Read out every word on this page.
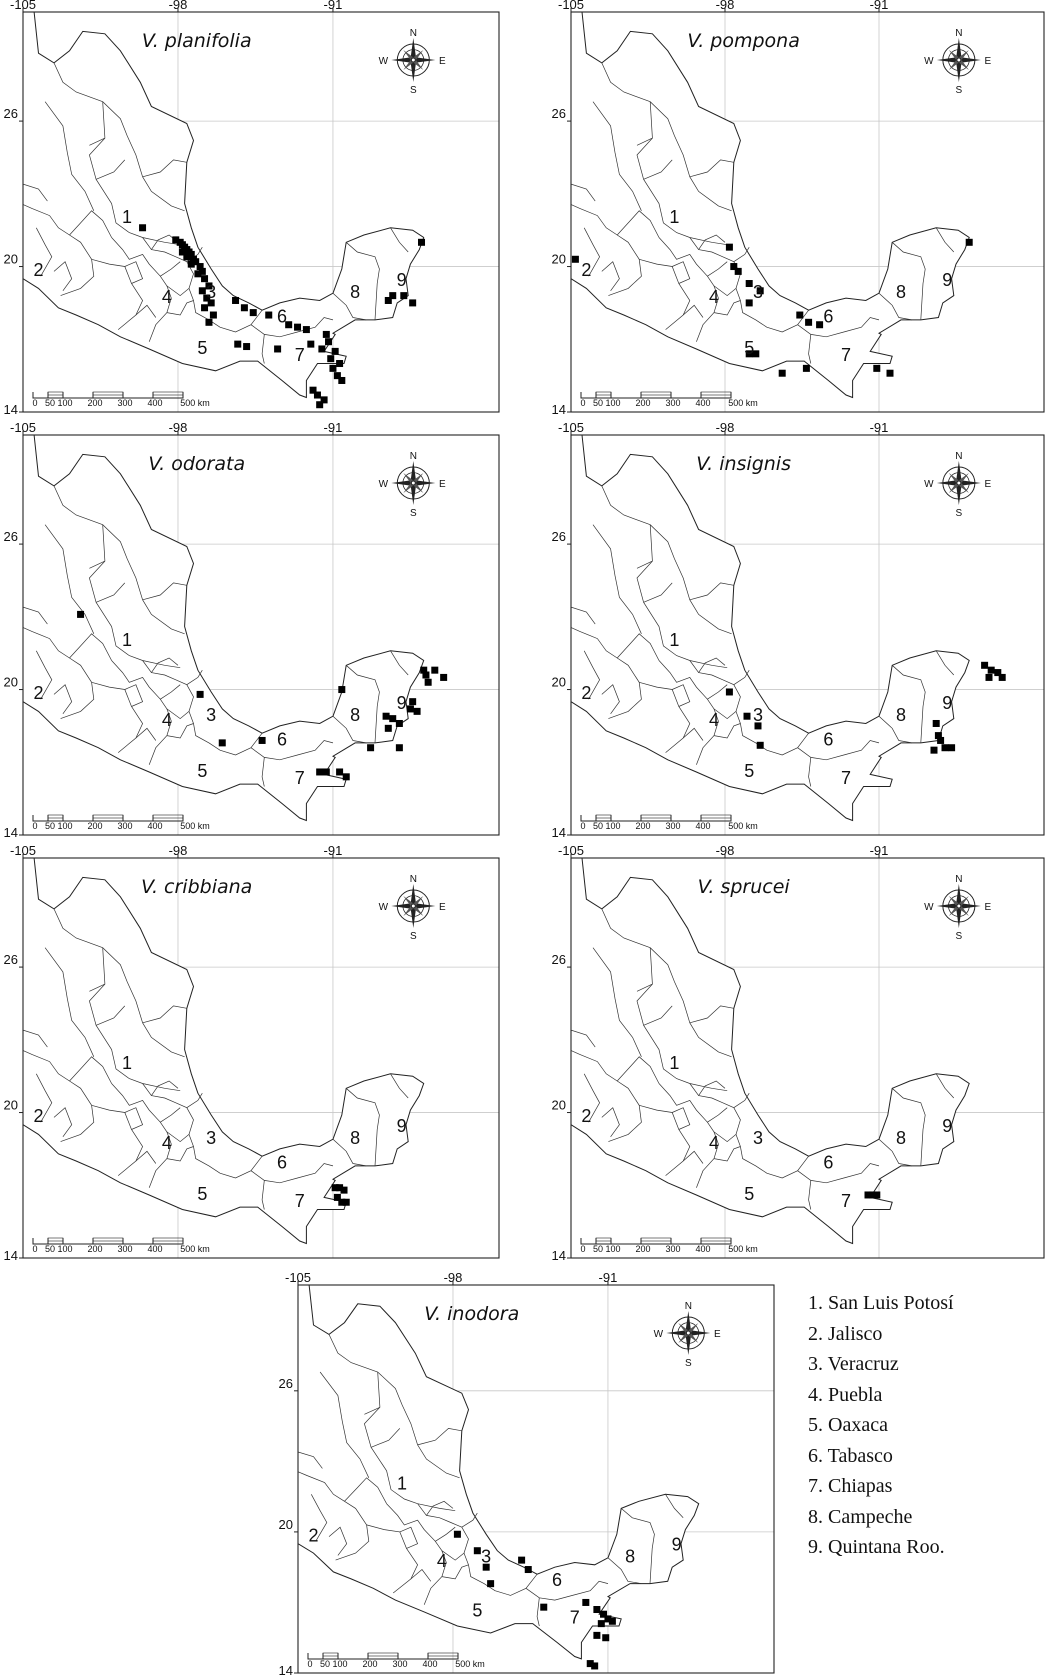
-105	-98	-91
26
20
14
V. planifolia
1
2
3
4
5
6
7
8
9
N
S
W	E
0 50 100 200 300 400 500 km
-105	-98	-91
26
20
14
V. pompona
1
2
3
4
5
6
7
8
9
N
S
W	E
0 50 100 200 300 400 500 km
-105	-98	-91
26
20
14
V. odorata
1
2
3
4
5
6
7
8
9
N
S
W	E
0 50 100 200 300 400 500 km
-105	-98	-91
26
20
14
V. insignis
1
2
3
4
5
6
7
8
9
N
S
W	E
0 50 100 200 300 400 500 km
-105	-98	-91
26
20
14
V. cribbiana
1
2
3
4
5
6
7
8
9
N
S
W	E
0 50 100 200 300 400 500 km
-105	-98	-91
26
20
14
V. sprucei
1
2
3
4
5
6
7
8
9
N
S
W	E
0 50 100 200 300 400 500 km
-105	-98	-91
26
20
14
V. inodora
1
2
3
4
5
6
7
8
9
N
S
W	E
0 50 100 200 300 400 500 km
1. San Luis Potosí
2. Jalisco
3. Veracruz
4. Puebla
5. Oaxaca
6. Tabasco
7. Chiapas
8. Campeche
9. Quintana Roo.
